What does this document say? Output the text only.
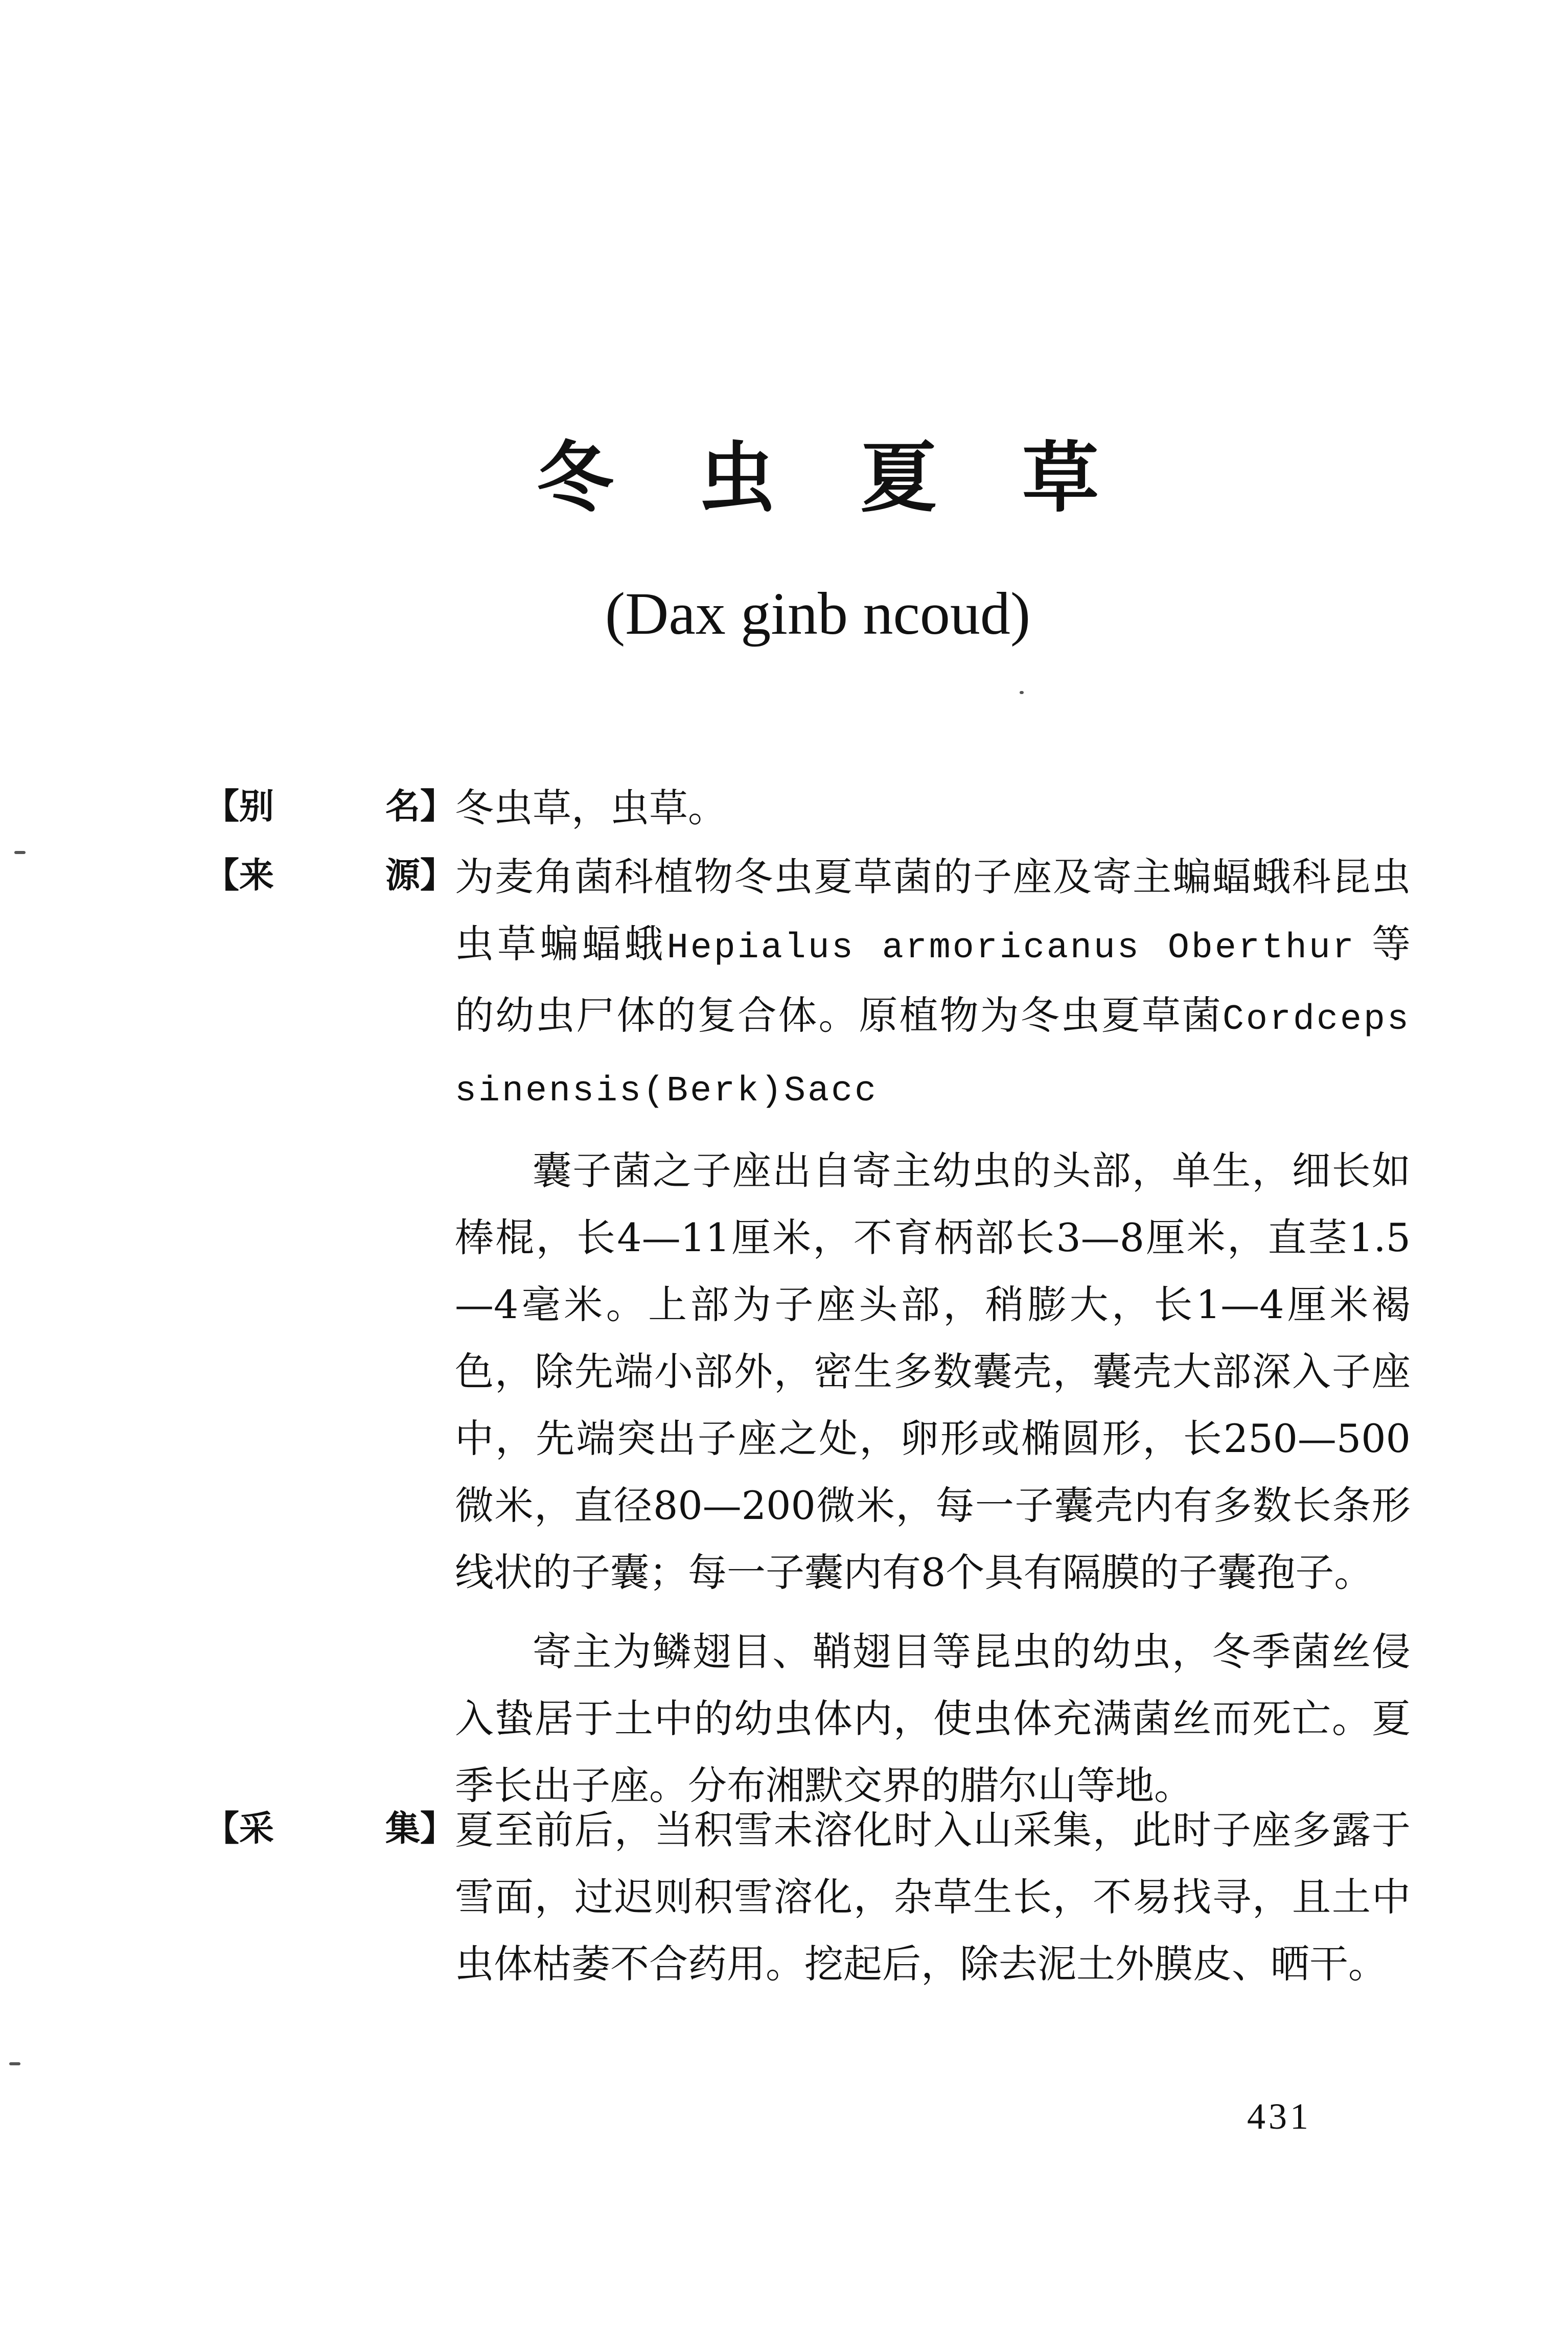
冬 虫 夏 草
(Dax ginb ncoud)
【别	名】 冬虫草，虫草。

【来	源】 为麦角菌科植物冬虫夏草菌的子座及寄主蝙蝠蛾科昆虫虫草蝙蝠蛾Hepialus armoricanus Oberthur 等的幼虫尸体的复合体。原植物为冬虫夏草菌Cordceps sinensis(Berk)Sacc

囊子菌之子座出自寄主幼虫的头部，单生，细长如棒棍，长4—11厘米，不育柄部长3—8厘米，直茎1.5—4毫米。上部为子座头部，稍膨大，长1—4厘米褐色，除先端小部外，密生多数囊壳，囊壳大部深入子座中，先端突出子座之处，卵形或椭圆形，长250—500微米，直径80—200微米，每一子囊壳内有多数长条形线状的子囊；每一子囊内有8个具有隔膜的子囊孢子。

寄主为鳞翅目、鞘翅目等昆虫的幼虫，冬季菌丝侵入蛰居于土中的幼虫体内，使虫体充满菌丝而死亡。夏季长出子座。分布湘默交界的腊尔山等地。

【采	集】 夏至前后，当积雪未溶化时入山采集，此时子座多露于雪面，过迟则积雪溶化，杂草生长，不易找寻，且土中虫体枯萎不合药用。挖起后，除去泥土外膜皮、晒干。

431
